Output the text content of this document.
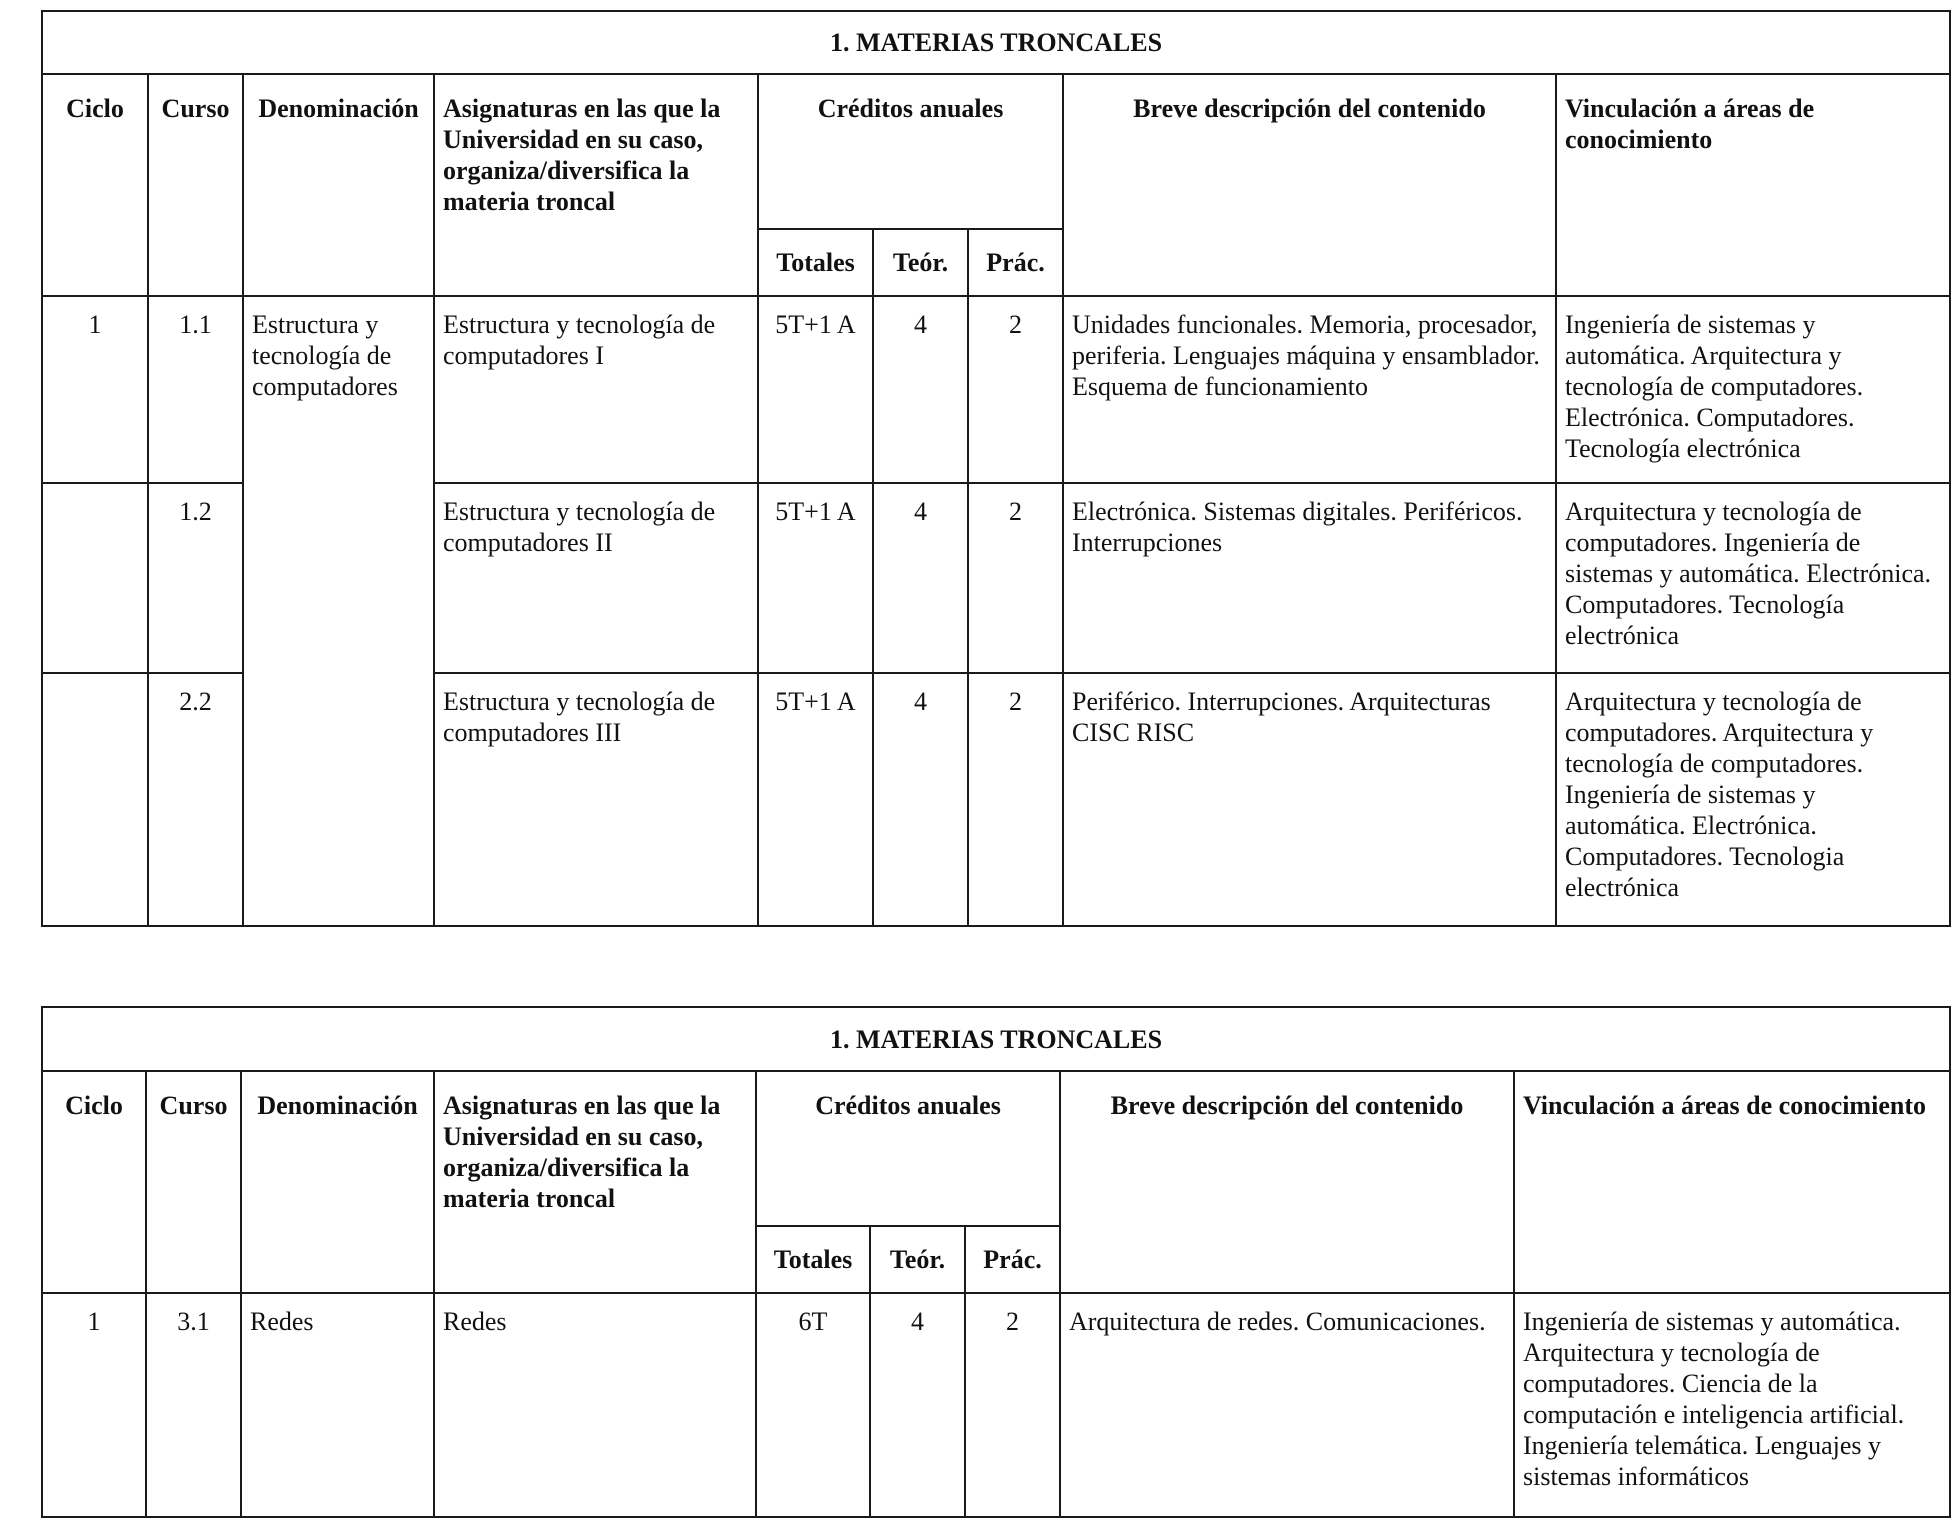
1. MATERIAS TRONCALES								
Ciclo	Curso	Denominación	Asignaturas en las que la Universidad en su caso, organiza/diversifica la materia troncal	Créditos anuales			Breve descripción del contenido	Vinculación a áreas de conocimiento
				Totales	Teór.	Prác.		
1	1.1	Estructura y tecnología de computadores	Estructura y tecnología de computadores I	5T+1 A	4	2	Unidades funcionales. Memoria, procesador, periferia. Lenguajes máquina y ensamblador. Esquema de funcionamiento	Ingeniería de sistemas y automática. Arquitectura y tecnología de computadores. Electrónica. Computadores. Tecnología electrónica
	1.2		Estructura y tecnología de computadores II	5T+1 A	4	2	Electrónica. Sistemas digitales. Periféricos. Interrupciones	Arquitectura y tecnología de computadores. Ingeniería de sistemas y automática. Electrónica. Computadores. Tecnología electrónica
	2.2		Estructura y tecnología de computadores III	5T+1 A	4	2	Periférico. Interrupciones. Arquitecturas CISC RISC	Arquitectura y tecnología de computadores. Arquitectura y tecnología de computadores. Ingeniería de sistemas y automática. Electrónica. Computadores. Tecnologia electrónica
1. MATERIAS TRONCALES								
Ciclo	Curso	Denominación	Asignaturas en las que la Universidad en su caso, organiza/diversifica la materia troncal	Créditos anuales			Breve descripción del contenido	Vinculación a áreas de conocimiento
				Totales	Teór.	Prác.		
1	3.1	Redes	Redes	6T	4	2	Arquitectura de redes. Comunicaciones.	Ingeniería de sistemas y automática. Arquitectura y tecnología de computadores. Ciencia de la computación e inteligencia artificial. Ingeniería telemática. Lenguajes y sistemas informáticos
